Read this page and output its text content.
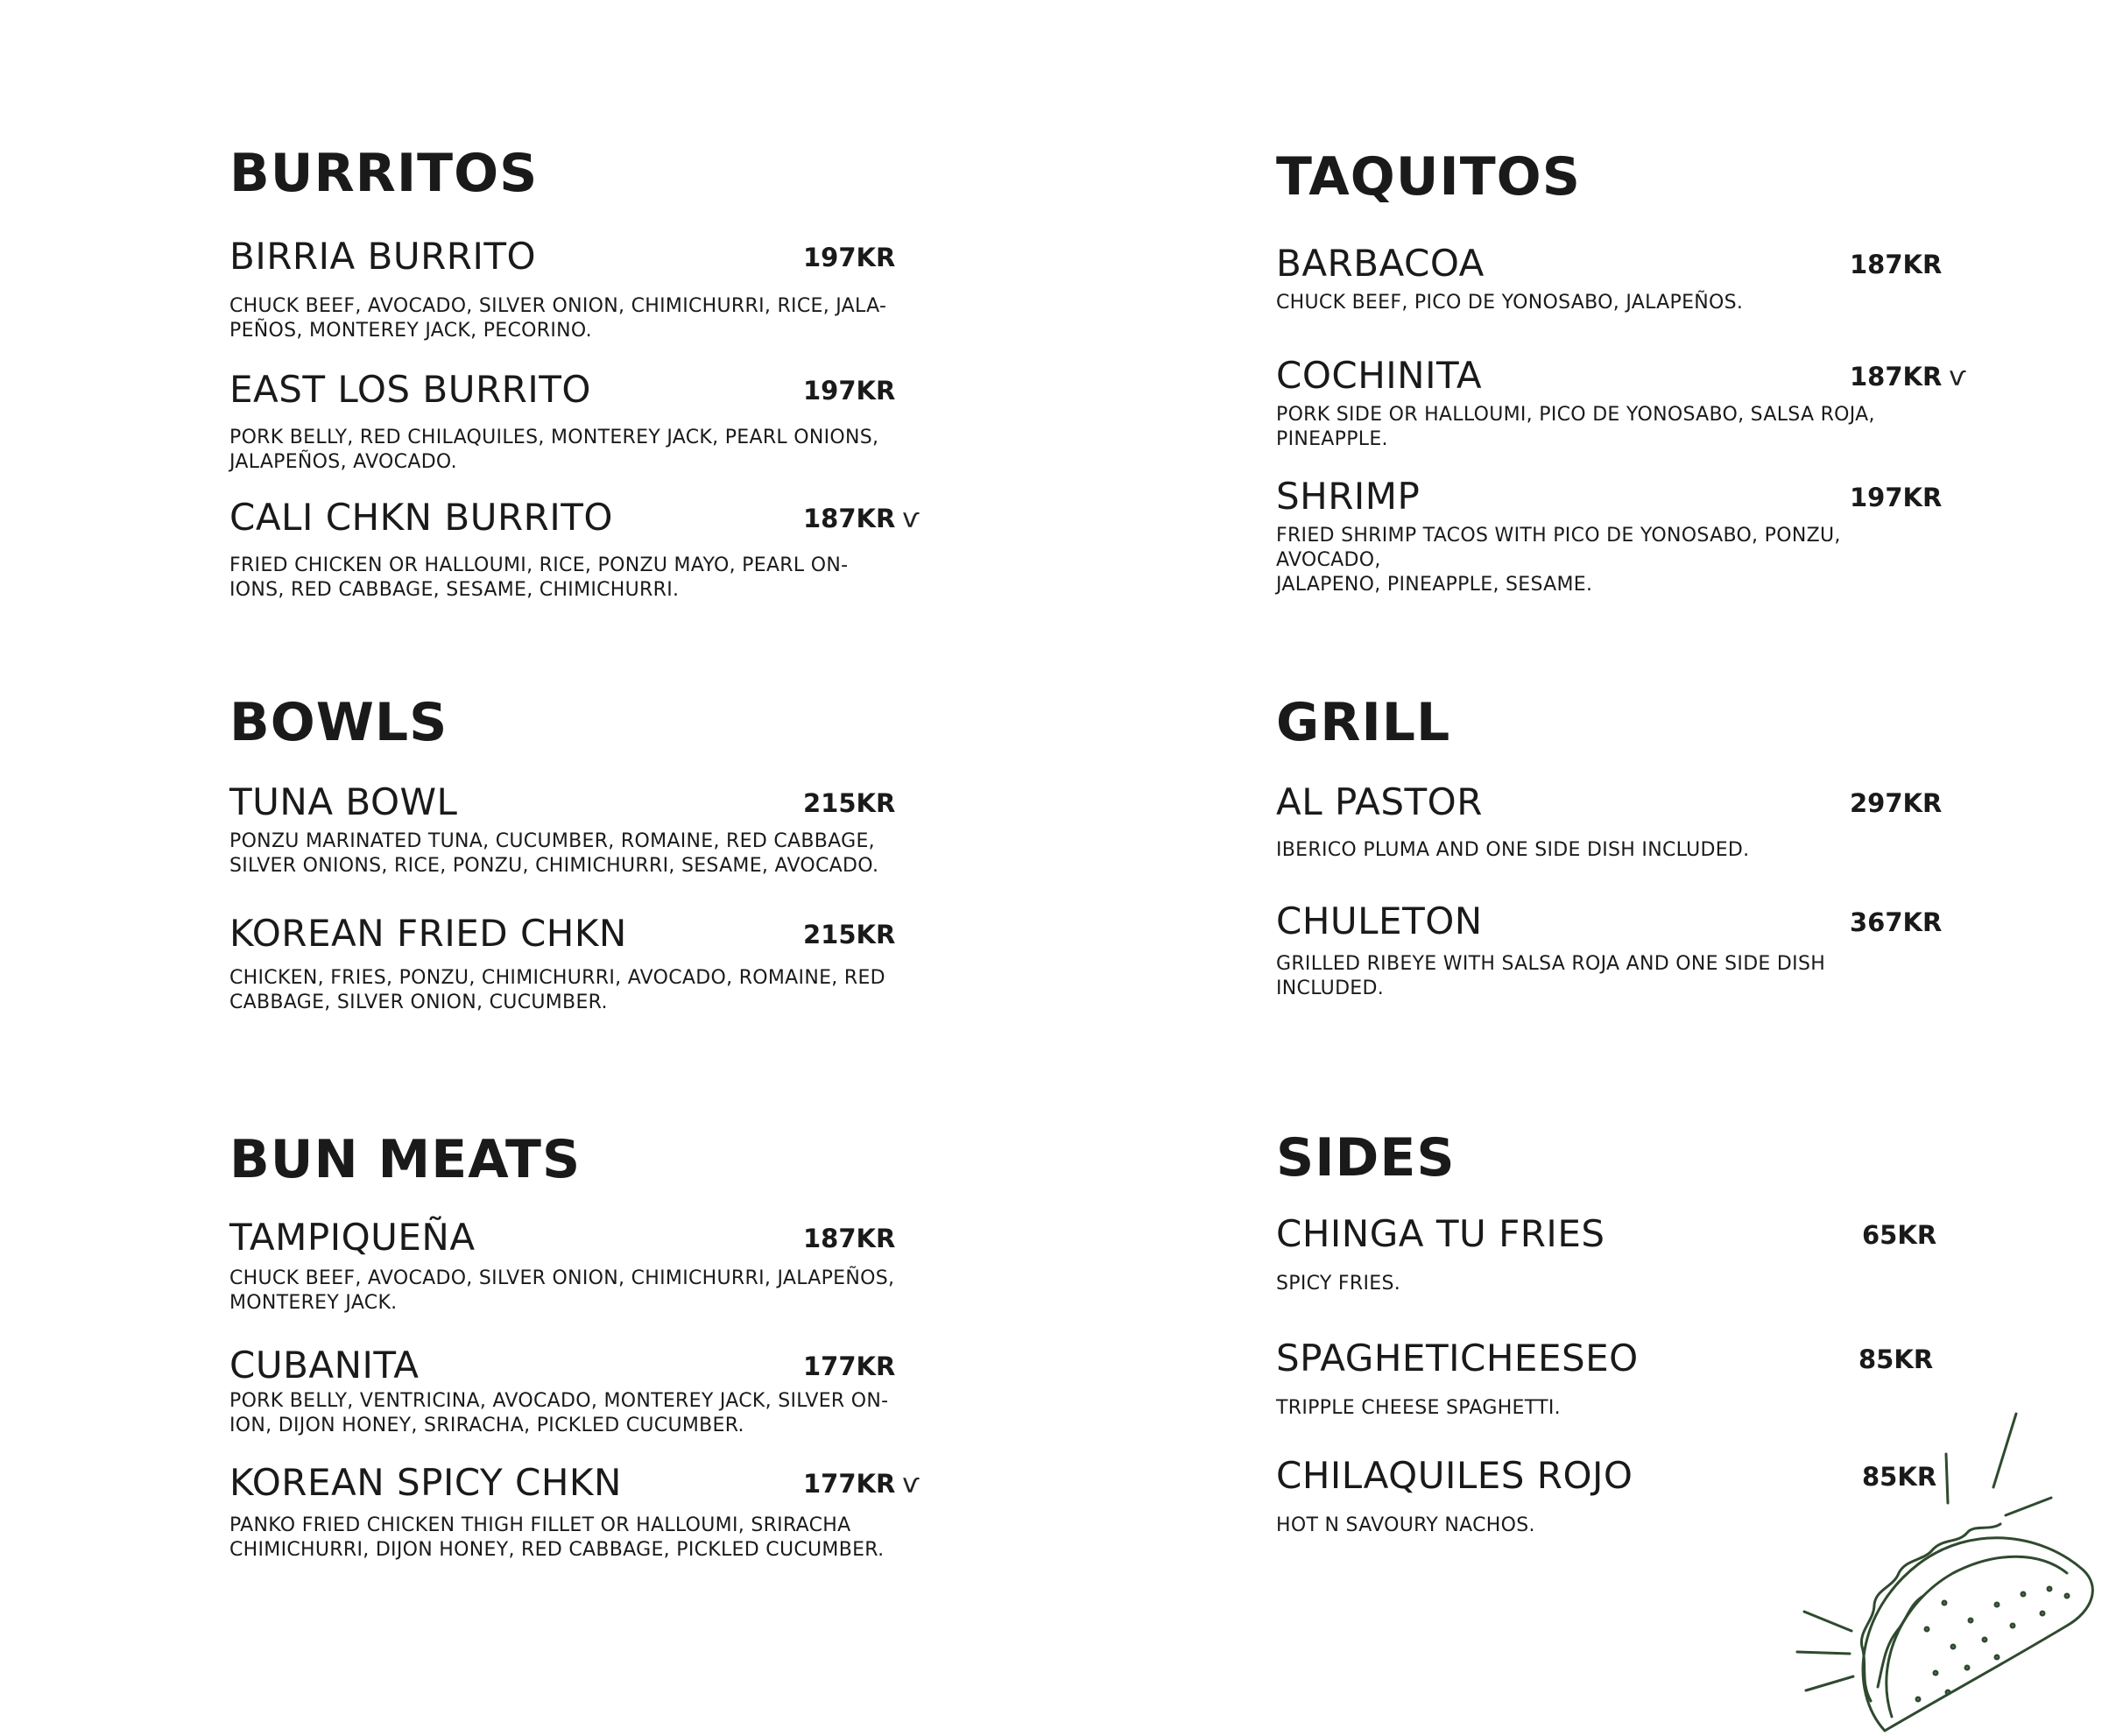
BURRITOS
BIRRIA BURRITO	197KR
CHUCK BEEF, AVOCADO, SILVER ONION, CHIMICHURRI, RICE, JALA-
PEÑOS, MONTEREY JACK, PECORINO.
EAST LOS BURRITO	197KR
PORK BELLY, RED CHILAQUILES, MONTEREY JACK, PEARL ONIONS,
JALAPEÑOS, AVOCADO.
CALI CHKN BURRITO	187KR ѵ
FRIED CHICKEN OR HALLOUMI, RICE, PONZU MAYO, PEARL ON-
IONS, RED CABBAGE, SESAME, CHIMICHURRI.
BOWLS
TUNA BOWL	215KR
PONZU MARINATED TUNA, CUCUMBER, ROMAINE, RED CABBAGE,
SILVER ONIONS, RICE, PONZU, CHIMICHURRI, SESAME, AVOCADO.
KOREAN FRIED CHKN	215KR
CHICKEN, FRIES, PONZU, CHIMICHURRI, AVOCADO, ROMAINE, RED
CABBAGE, SILVER ONION, CUCUMBER.
BUN MEATS
TAMPIQUEÑA	187KR
CHUCK BEEF, AVOCADO, SILVER ONION, CHIMICHURRI, JALAPEÑOS,
MONTEREY JACK.
CUBANITA	177KR
PORK BELLY, VENTRICINA, AVOCADO, MONTEREY JACK, SILVER ON-
ION, DIJON HONEY, SRIRACHA, PICKLED CUCUMBER.
KOREAN SPICY CHKN	177KR ѵ
PANKO FRIED CHICKEN THIGH FILLET OR HALLOUMI, SRIRACHA
CHIMICHURRI, DIJON HONEY, RED CABBAGE, PICKLED CUCUMBER.
TAQUITOS
BARBACOA	187KR
CHUCK BEEF, PICO DE YONOSABO, JALAPEÑOS.
COCHINITA	187KR ѵ
PORK SIDE OR HALLOUMI, PICO DE YONOSABO, SALSA ROJA,
PINEAPPLE.
SHRIMP	197KR
FRIED SHRIMP TACOS WITH PICO DE YONOSABO, PONZU, AVOCADO,
JALAPENO, PINEAPPLE, SESAME.
GRILL
AL PASTOR	297KR
IBERICO PLUMA AND ONE SIDE DISH INCLUDED.
CHULETON	367KR
GRILLED RIBEYE WITH SALSA ROJA AND ONE SIDE DISH
INCLUDED.
SIDES
CHINGA TU FRIES	65KR
SPICY FRIES.
SPAGHETICHEESEO	85KR
TRIPPLE CHEESE SPAGHETTI.
CHILAQUILES ROJO	85KR
HOT N SAVOURY NACHOS.
